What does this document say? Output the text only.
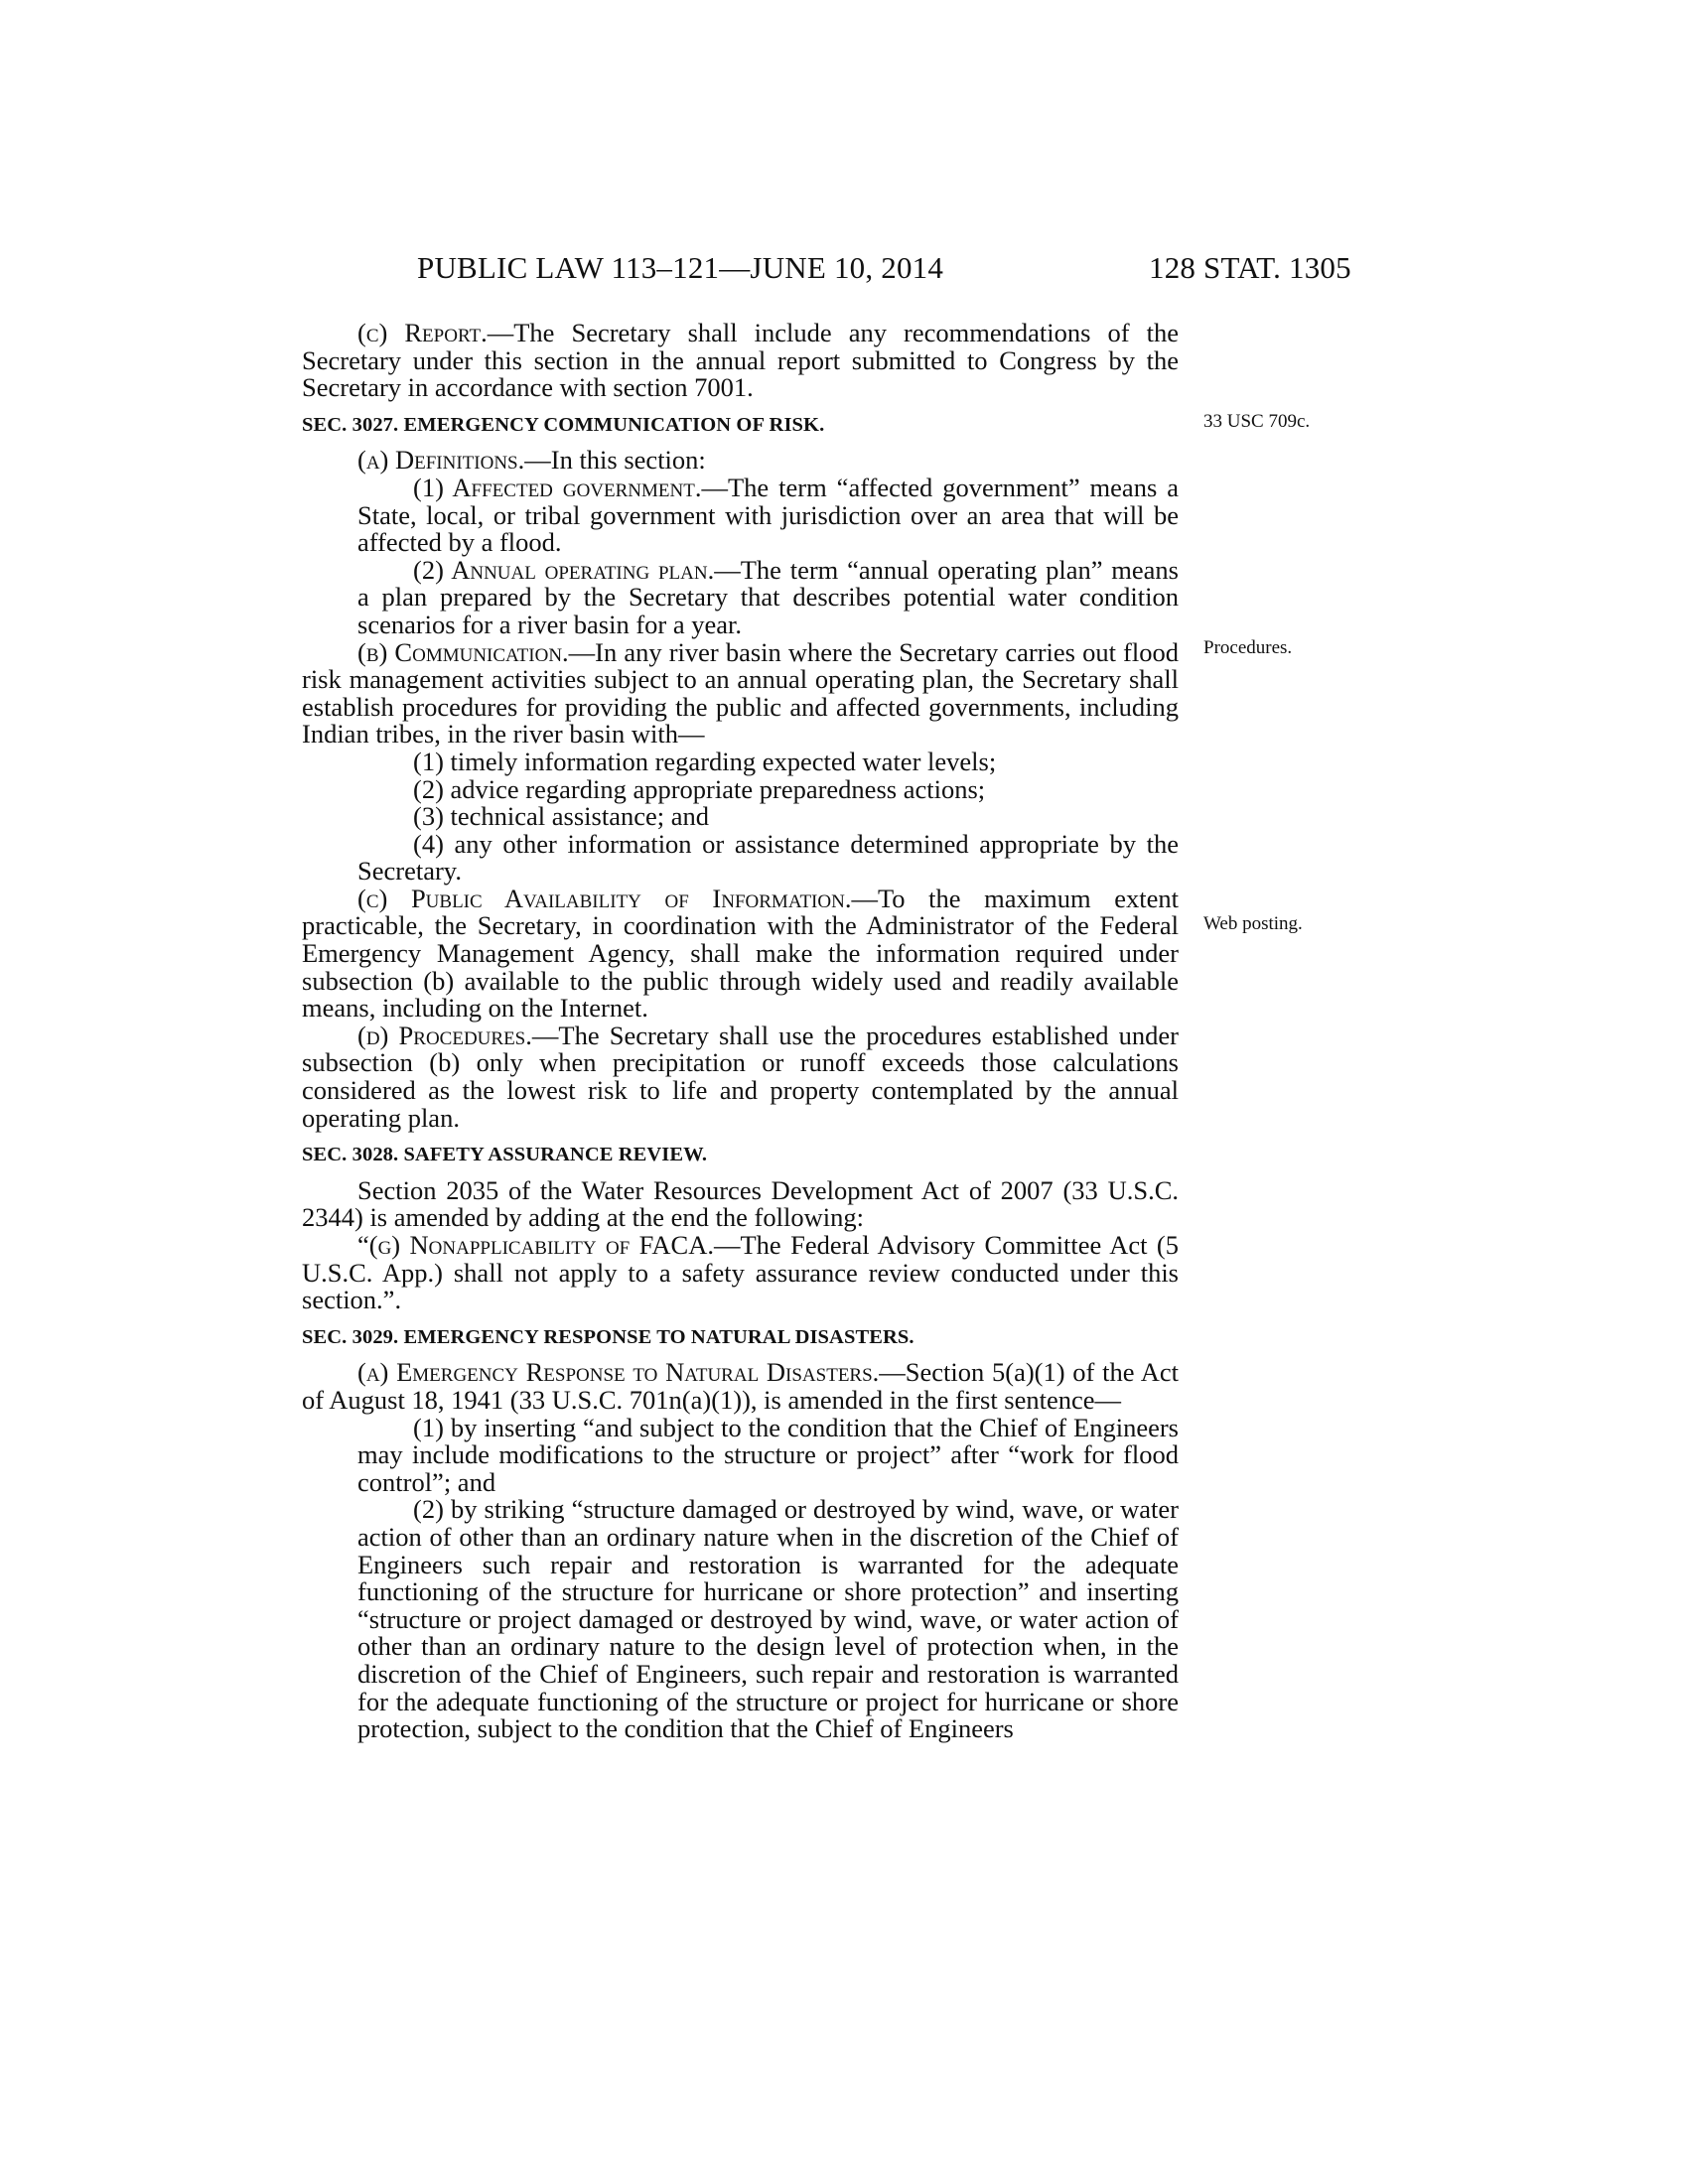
PUBLIC LAW 113–121—JUNE 10, 2014	128 STAT. 1305
33 USC 709c.
Procedures.
Web posting.

(c) Report.—The Secretary shall include any recommendations of the Secretary under this section in the annual report submitted to Congress by the Secretary in accordance with section 7001.

SEC. 3027. EMERGENCY COMMUNICATION OF RISK.

(a) Definitions.—In this section:

(1) Affected government.—The term “affected government” means a State, local, or tribal government with jurisdiction over an area that will be affected by a flood.

(2) Annual operating plan.—The term “annual operating plan” means a plan prepared by the Secretary that describes potential water condition scenarios for a river basin for a year.

(b) Communication.—In any river basin where the Secretary carries out flood risk management activities subject to an annual operating plan, the Secretary shall establish procedures for providing the public and affected governments, including Indian tribes, in the river basin with—

(1) timely information regarding expected water levels;

(2) advice regarding appropriate preparedness actions;

(3) technical assistance; and

(4) any other information or assistance determined appropriate by the Secretary.

(c) Public Availability of Information.—To the maximum extent practicable, the Secretary, in coordination with the Administrator of the Federal Emergency Management Agency, shall make the information required under subsection (b) available to the public through widely used and readily available means, including on the Internet.

(d) Procedures.—The Secretary shall use the procedures established under subsection (b) only when precipitation or runoff exceeds those calculations considered as the lowest risk to life and property contemplated by the annual operating plan.

SEC. 3028. SAFETY ASSURANCE REVIEW.

Section 2035 of the Water Resources Development Act of 2007 (33 U.S.C. 2344) is amended by adding at the end the following:

“(g) Nonapplicability of FACA.—The Federal Advisory Committee Act (5 U.S.C. App.) shall not apply to a safety assurance review conducted under this section.”.

SEC. 3029. EMERGENCY RESPONSE TO NATURAL DISASTERS.

(a) Emergency Response to Natural Disasters.—Section 5(a)(1) of the Act of August 18, 1941 (33 U.S.C. 701n(a)(1)), is amended in the first sentence—

(1) by inserting “and subject to the condition that the Chief of Engineers may include modifications to the structure or project” after “work for flood control”; and

(2) by striking “structure damaged or destroyed by wind, wave, or water action of other than an ordinary nature when in the discretion of the Chief of Engineers such repair and restoration is warranted for the adequate functioning of the structure for hurricane or shore protection” and inserting “structure or project damaged or destroyed by wind, wave, or water action of other than an ordinary nature to the design level of protection when, in the discretion of the Chief of Engineers, such repair and restoration is warranted for the adequate functioning of the structure or project for hurricane or shore protection, subject to the condition that the Chief of Engineers
